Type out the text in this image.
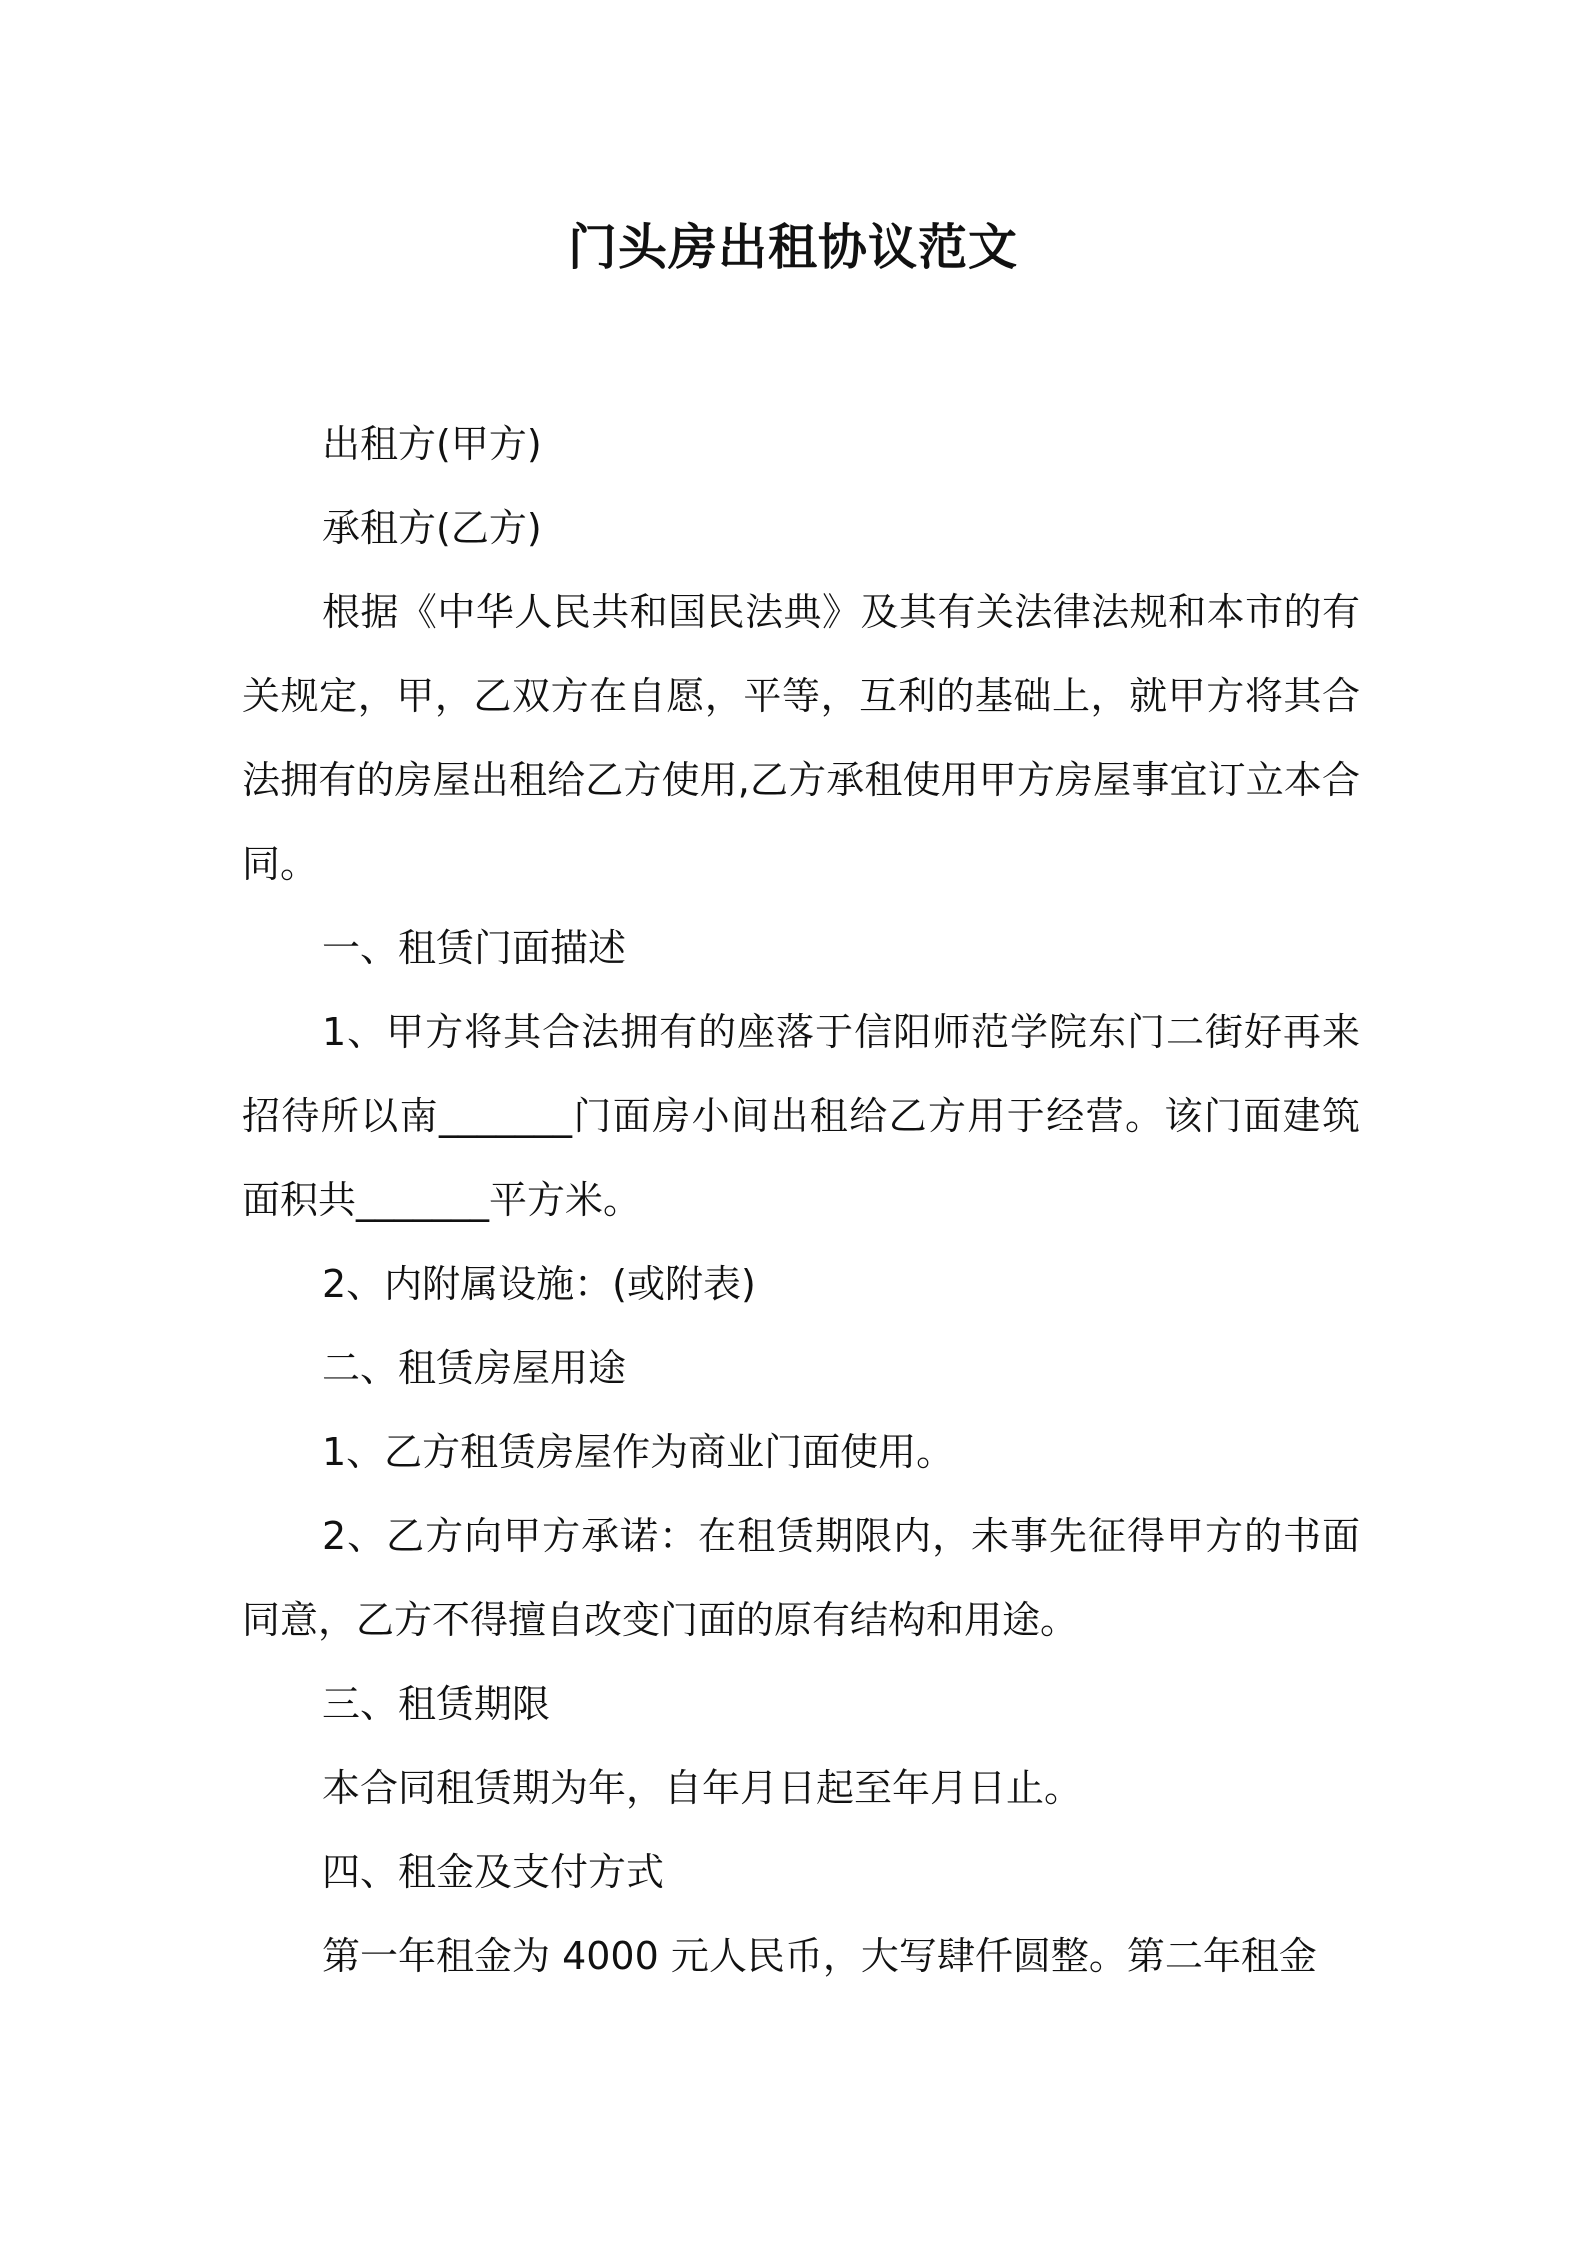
门头房出租协议范文

出租方(甲方)

承租方(乙方)

根据《中华人民共和国民法典》及其有关法律法规和本市的有关规定，甲，乙双方在自愿，平等，互利的基础上，就甲方将其合法拥有的房屋出租给乙方使用,乙方承租使用甲方房屋事宜订立本合同。

一、租赁门面描述

1、甲方将其合法拥有的座落于信阳师范学院东门二街好再来招待所以南_______门面房小间出租给乙方用于经营。该门面建筑面积共_______平方米。

2、内附属设施：(或附表)

二、租赁房屋用途

1、乙方租赁房屋作为商业门面使用。

2、乙方向甲方承诺：在租赁期限内，未事先征得甲方的书面同意，乙方不得擅自改变门面的原有结构和用途。

三、租赁期限

本合同租赁期为年，自年月日起至年月日止。

四、租金及支付方式

第一年租金为 4000 元人民币，大写肆仟圆整。第二年租金
